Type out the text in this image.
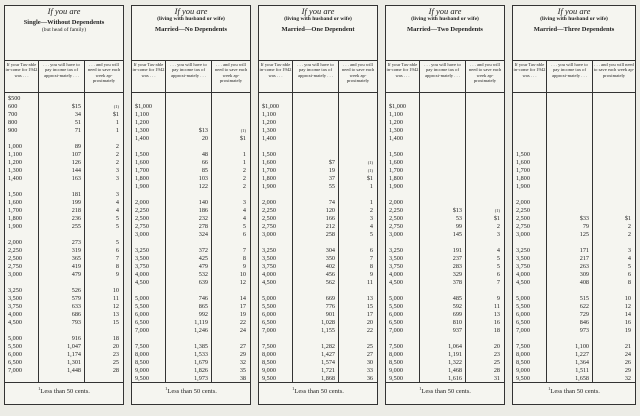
If you are
Single—Without Dependents
(but head of family)
If your Tax-able in-come for 1942 was . . .
. . . you will have to pay income tax of approxi-mately . . .
. . . and you will need to save each week ap-proximately
$500
600
700
800
900
1,000
1,100
1,200
1,300
1,400
1,500
1,600
1,700
1,800
1,900
2,000
2,250
2,500
2,750
3,000
3,250
3,500
3,750
4,000
4,500
5,000
5,500
6,000
6,500
7,000
$15
34
51
71
89
107
126
144
163
181
199
218
236
255
273
319
365
419
479
526
579
633
686
793
916
1,047
1,174
1,301
1,448
$^{(1)}$
$1
1
1
2
2
2
3
3
3
4
4
5
5
5
6
7
8
9
10
11
12
13
15
18
20
23
25
28
$^1$Less than 50 cents.
If you are
(living with husband or wife)
Married—No Dependents
If your Tax-able in-come for 1942 was . . .
. . . you will have to pay income tax of approxi-mately . . .
. . . and you will need to save each week ap-proximately
$1,000
1,100
1,200
1,300
1,400
1,500
1,600
1,700
1,800
1,900
2,000
2,250
2,500
2,750
3,000
3,250
3,500
3,750
4,000
4,500
5,000
5,500
6,000
6,500
7,000
7,500
8,000
8,500
9,000
9,500
$13
20
48
66
85
103
122
140
186
232
278
324
372
425
479
532
639
746
865
992
1,119
1,246
1,385
1,533
1,679
1,826
1,973
$^{(1)}$
$1
1
1
2
2
2
3
4
4
5
6
7
8
9
10
12
14
17
19
22
24
27
29
32
35
38
$^1$Less than 50 cents.
If you are
(living with husband or wife)
Married—One Dependent
If your Tax-able in-come for 1942 was . . .
. . . you will have to pay income tax of approxi-mately . . .
. . . and you will need to save each week ap-proximately
$1,000
1,100
1,200
1,300
1,400
1,500
1,600
1,700
1,800
1,900
2,000
2,250
2,500
2,750
3,000
3,250
3,500
3,750
4,000
4,500
5,000
5,500
6,000
6,500
7,000
7,500
8,000
8,500
9,000
9,500
$7
19
37
55
74
120
166
212
258
304
350
402
456
562
669
776
901
1,028
1,155
1,282
1,427
1,574
1,721
1,868
$^{(1)}$
$^{(1)}$
$1
1
1
2
3
4
5
6
7
8
9
11
13
15
17
20
22
25
27
30
33
36
$^1$Less than 50 cents.
If you are
(living with husband or wife)
Married—Two Dependents
If your Tax-able in-come for 1942 was . . .
. . . you will have to pay income tax of approxi-mately . . .
. . . and you will need to save each week ap-proximately
$1,000
1,100
1,200
1,300
1,400
1,500
1,600
1,700
1,800
1,900
2,000
2,250
2,500
2,750
3,000
3,250
3,500
3,750
4,000
4,500
5,000
5,500
6,000
6,500
7,000
7,500
8,000
8,500
9,000
9,500
$13
53
99
145
191
237
283
329
378
485
592
699
810
937
1,064
1,191
1,322
1,468
1,616
$^{(1)}$
$1
2
3
4
5
5
6
7
9
11
13
16
18
20
23
25
28
31
$^1$Less than 50 cents.
If you are
(living with husband or wife)
Married—Three Dependents
If your Tax-able in-come for 1942 was . . .
. . . you will have to pay income tax of approxi-mately . . .
. . . and you will need to save each week ap-proximately
1,500
1,600
1,700
1,800
1,900
2,000
2,250
2,500
2,750
3,000
3,250
3,500
3,750
4,000
4,500
5,000
5,500
6,000
6,500
7,000
7,500
8,000
8,500
9,000
9,500
$33
79
125
171
217
263
309
408
515
622
729
846
973
1,100
1,227
1,364
1,511
1,658
$1
2
2
3
4
5
6
8
10
12
14
16
19
21
24
26
29
32
$^1$Less than 50 cents.
